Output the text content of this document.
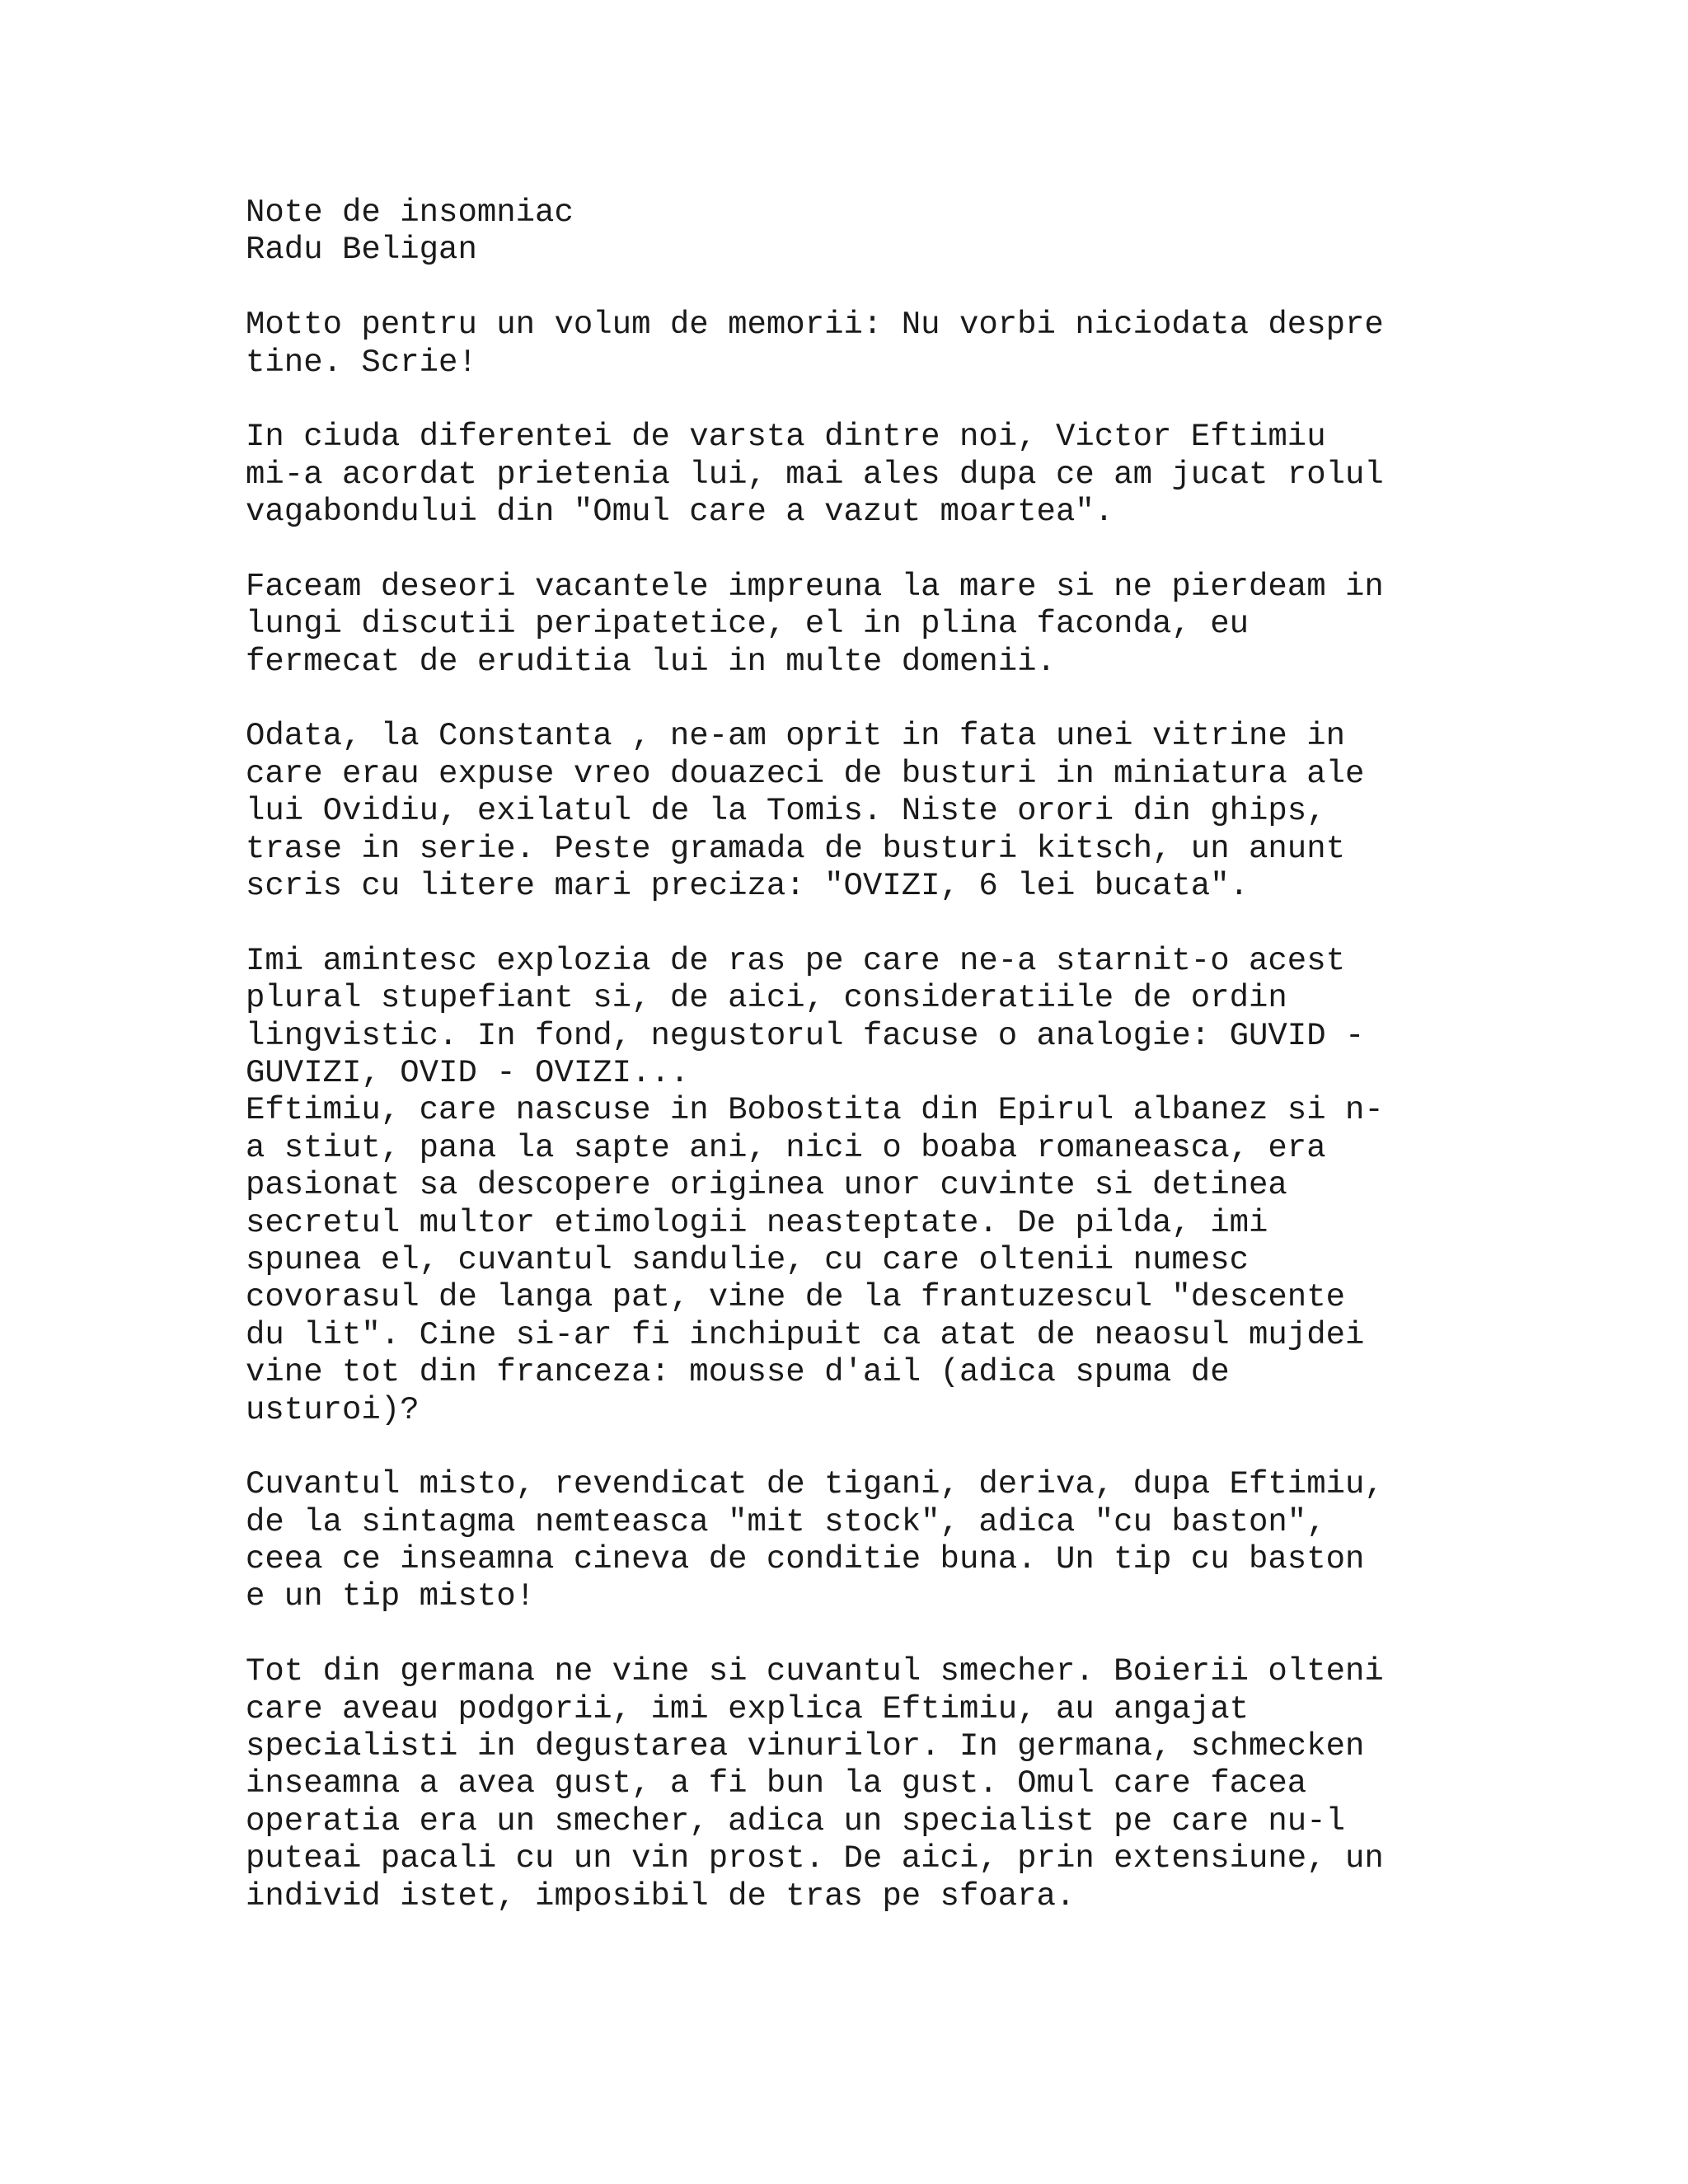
Note de insomniac
Radu Beligan
Motto pentru un volum de memorii: Nu vorbi niciodata despre
tine. Scrie!
In ciuda diferentei de varsta dintre noi, Victor Eftimiu
mi-a acordat prietenia lui, mai ales dupa ce am jucat rolul
vagabondului din "Omul care a vazut moartea".
Faceam deseori vacantele impreuna la mare si ne pierdeam in
lungi discutii peripatetice, el in plina faconda, eu
fermecat de eruditia lui in multe domenii.
Odata, la Constanta , ne-am oprit in fata unei vitrine in
care erau expuse vreo douazeci de busturi in miniatura ale
lui Ovidiu, exilatul de la Tomis. Niste orori din ghips,
trase in serie. Peste gramada de busturi kitsch, un anunt
scris cu litere mari preciza: "OVIZI, 6 lei bucata".
Imi amintesc explozia de ras pe care ne-a starnit-o acest
plural stupefiant si, de aici, consideratiile de ordin
lingvistic. In fond, negustorul facuse o analogie: GUVID -
GUVIZI, OVID - OVIZI...
Eftimiu, care nascuse in Bobostita din Epirul albanez si n-
a stiut, pana la sapte ani, nici o boaba romaneasca, era
pasionat sa descopere originea unor cuvinte si detinea
secretul multor etimologii neasteptate. De pilda, imi
spunea el, cuvantul sandulie, cu care oltenii numesc
covorasul de langa pat, vine de la frantuzescul "descente
du lit". Cine si-ar fi inchipuit ca atat de neaosul mujdei
vine tot din franceza: mousse d'ail (adica spuma de
usturoi)?
Cuvantul misto, revendicat de tigani, deriva, dupa Eftimiu,
de la sintagma nemteasca "mit stock", adica "cu baston",
ceea ce inseamna cineva de conditie buna. Un tip cu baston
e un tip misto!
Tot din germana ne vine si cuvantul smecher. Boierii olteni
care aveau podgorii, imi explica Eftimiu, au angajat
specialisti in degustarea vinurilor. In germana, schmecken
inseamna a avea gust, a fi bun la gust. Omul care facea
operatia era un smecher, adica un specialist pe care nu-l
puteai pacali cu un vin prost. De aici, prin extensiune, un
individ istet, imposibil de tras pe sfoara.
